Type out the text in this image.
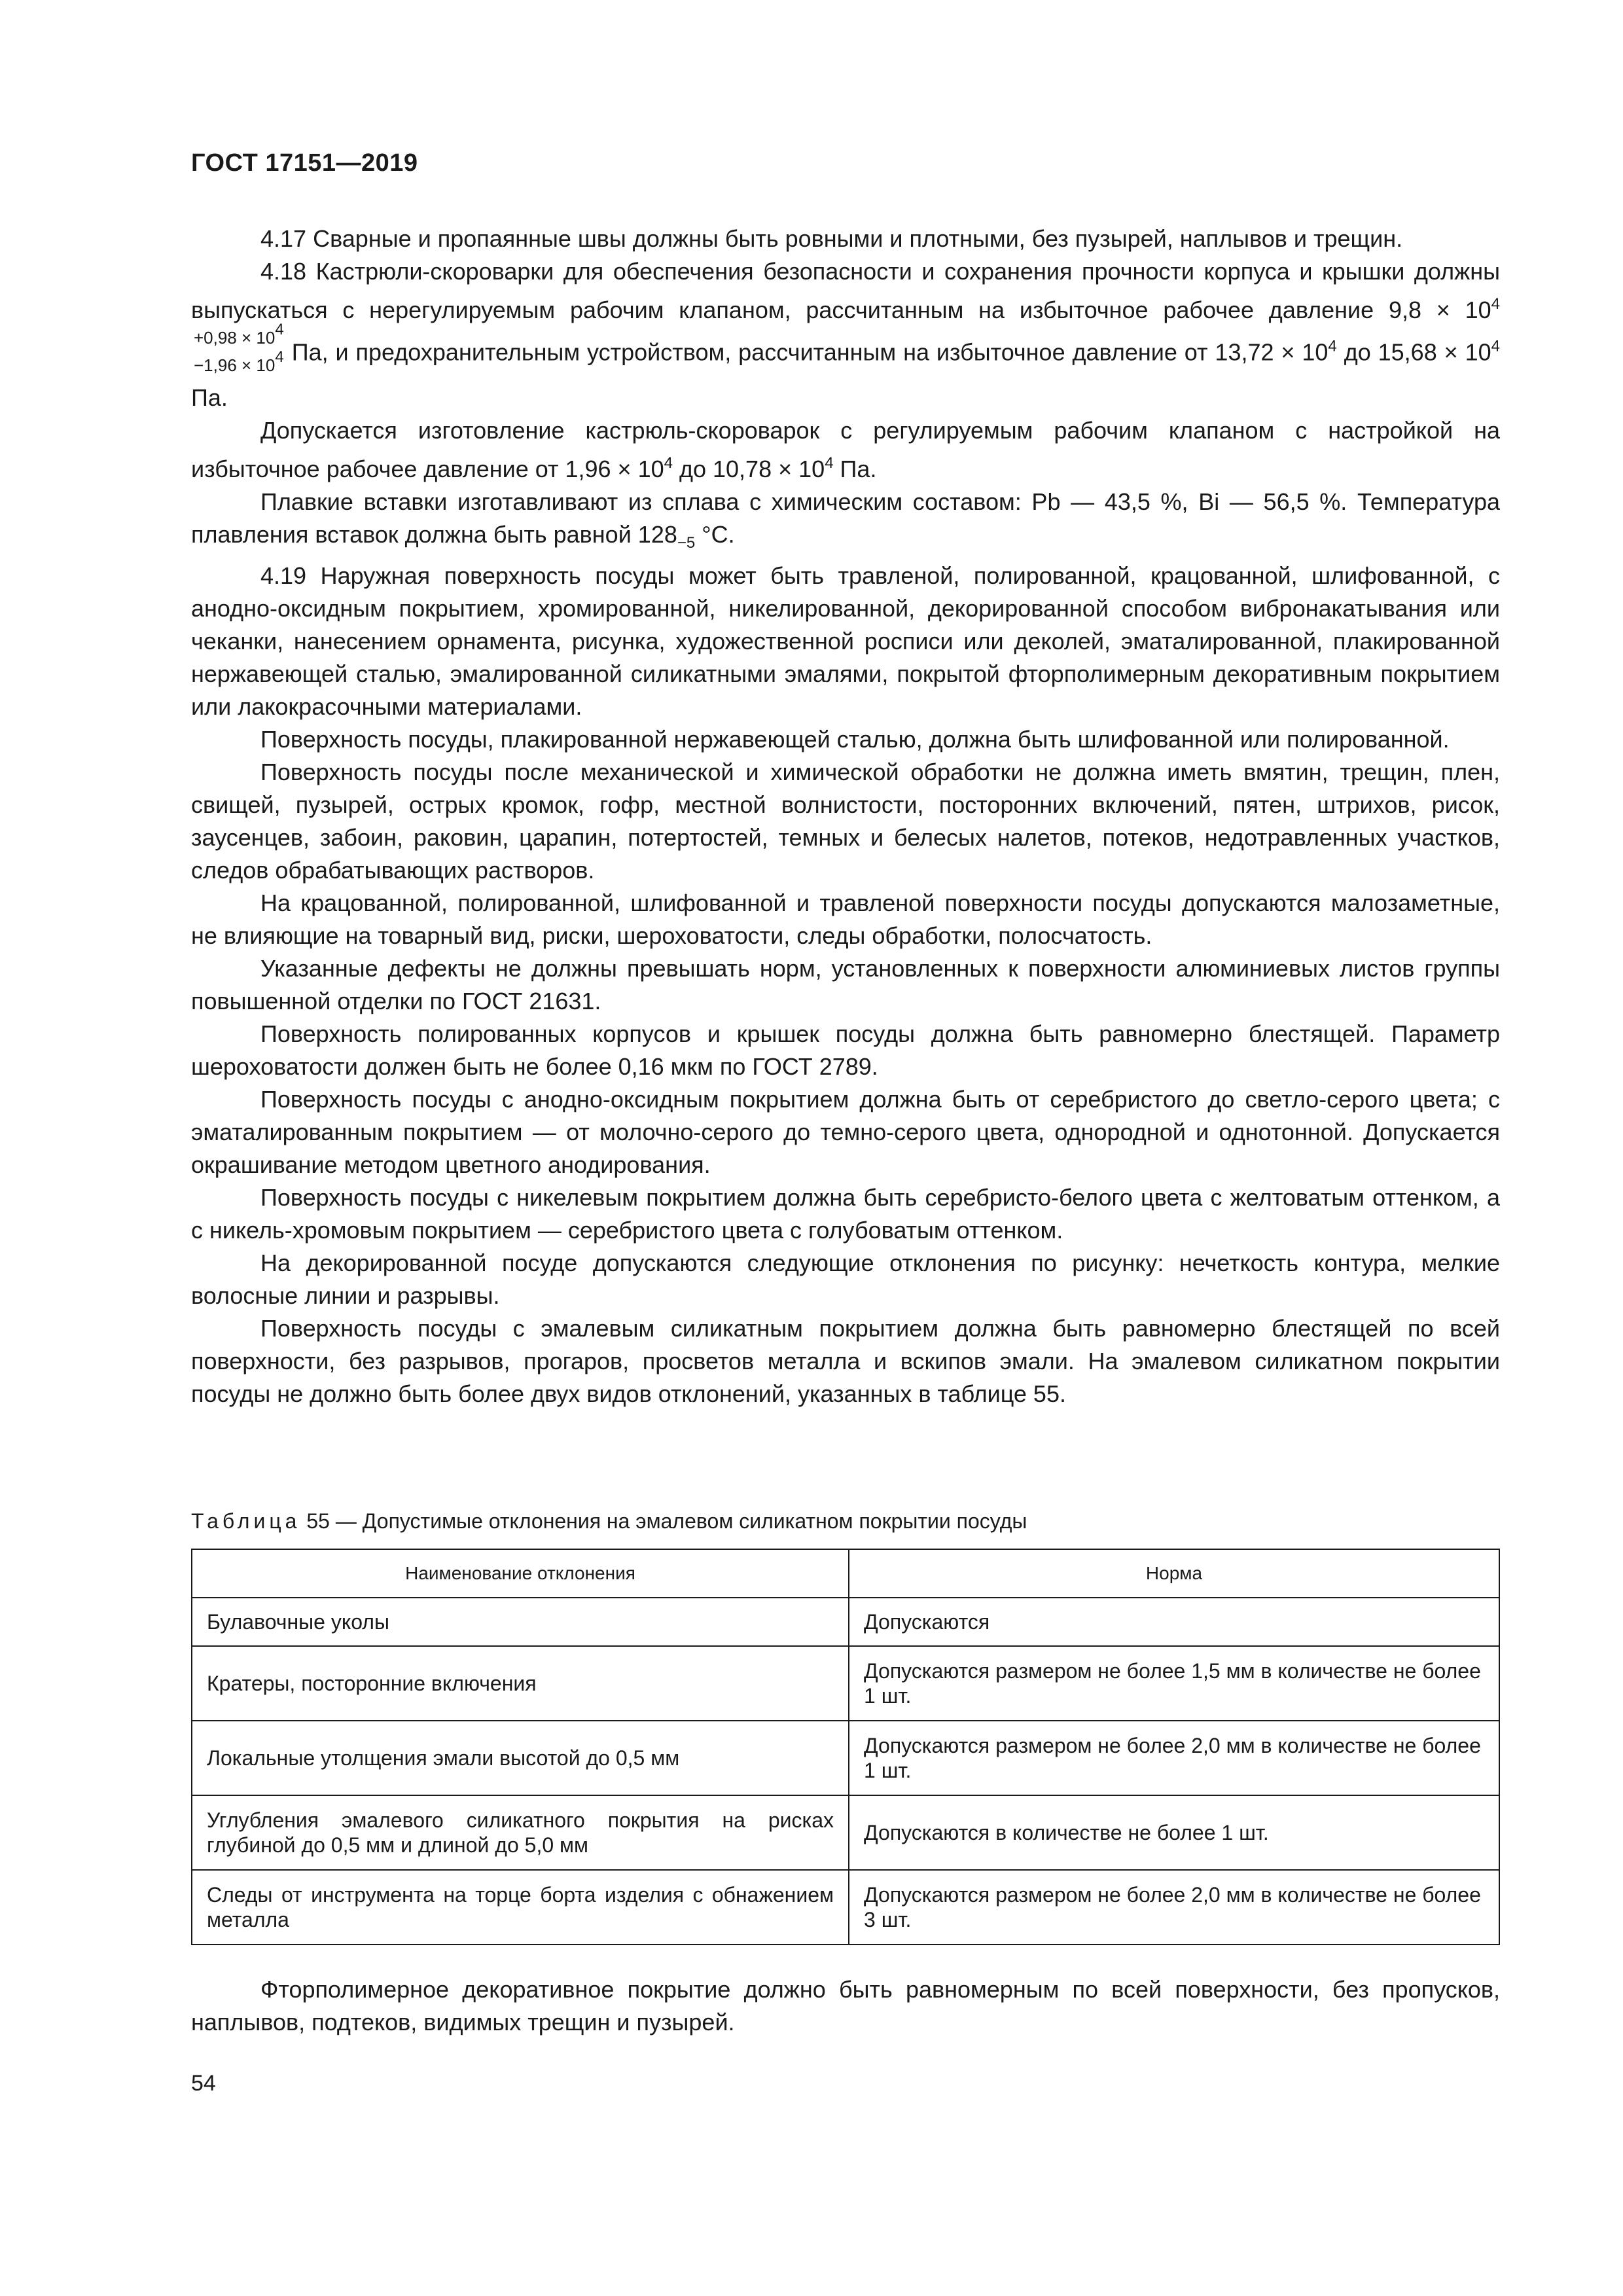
ГОСТ 17151—2019

4.17 Сварные и пропаянные швы должны быть ровными и плотными, без пузырей, наплывов и трещин.

4.18 Кастрюли-скороварки для обеспечения безопасности и сохранения прочности корпуса и крышки должны выпускаться с нерегулируемым рабочим клапаном, рассчитанным на избыточное рабочее давление $9,8 \times 10^4$
$+0,98 \times 10^4$
$-1,96 \times 10^4$ Па, и предохранительным устройством, рассчитанным на избыточное давление от $13,72 \times 10^4$ до $15,68 \times 10^4$ Па.

Допускается изготовление кастрюль-скороварок с регулируемым рабочим клапаном с настройкой на избыточное рабочее давление от $1,96 \times 10^4$ до $10,78 \times 10^4$ Па.

Плавкие вставки изготавливают из сплава с химическим составом: Pb — 43,5 %, Bi — 56,5 %. Температура плавления вставок должна быть равной $128_{-5}$ °С.

4.19 Наружная поверхность посуды может быть травленой, полированной, крацованной, шлифованной, с анодно-оксидным покрытием, хромированной, никелированной, декорированной способом вибронакатывания или чеканки, нанесением орнамента, рисунка, художественной росписи или деколей, эматалированной, плакированной нержавеющей сталью, эмалированной силикатными эмалями, покрытой фторполимерным декоративным покрытием или лакокрасочными материалами.

Поверхность посуды, плакированной нержавеющей сталью, должна быть шлифованной или полированной.

Поверхность посуды после механической и химической обработки не должна иметь вмятин, трещин, плен, свищей, пузырей, острых кромок, гофр, местной волнистости, посторонних включений, пятен, штрихов, рисок, заусенцев, забоин, раковин, царапин, потертостей, темных и белесых налетов, потеков, недотравленных участков, следов обрабатывающих растворов.

На крацованной, полированной, шлифованной и травленой поверхности посуды допускаются малозаметные, не влияющие на товарный вид, риски, шероховатости, следы обработки, полосчатость.

Указанные дефекты не должны превышать норм, установленных к поверхности алюминиевых листов группы повышенной отделки по ГОСТ 21631.

Поверхность полированных корпусов и крышек посуды должна быть равномерно блестящей. Параметр шероховатости должен быть не более 0,16 мкм по ГОСТ 2789.

Поверхность посуды с анодно-оксидным покрытием должна быть от серебристого до светло-серого цвета; с эматалированным покрытием — от молочно-серого до темно-серого цвета, однородной и однотонной. Допускается окрашивание методом цветного анодирования.

Поверхность посуды с никелевым покрытием должна быть серебристо-белого цвета с желтоватым оттенком, а с никель-хромовым покрытием — серебристого цвета с голубоватым оттенком.

На декорированной посуде допускаются следующие отклонения по рисунку: нечеткость контура, мелкие волосные линии и разрывы.

Поверхность посуды с эмалевым силикатным покрытием должна быть равномерно блестящей по всей поверхности, без разрывов, прогаров, просветов металла и вскипов эмали. На эмалевом силикатном покрытии посуды не должно быть более двух видов отклонений, указанных в таблице 55.

Таблица 55 — Допустимые отклонения на эмалевом силикатном покрытии посуды
Наименование отклонения	Норма
Булавочные уколы	Допускаются
Кратеры, посторонние включения	Допускаются размером не более 1,5 мм в количестве не более 1 шт.
Локальные утолщения эмали высотой до 0,5 мм	Допускаются размером не более 2,0 мм в количестве не более 1 шт.
Углубления эмалевого силикатного покрытия на рисках глубиной до 0,5 мм и длиной до 5,0 мм	Допускаются в количестве не более 1 шт.
Следы от инструмента на торце борта изделия с обнажением металла	Допускаются размером не более 2,0 мм в количестве не более 3 шт.

Фторполимерное декоративное покрытие должно быть равномерным по всей поверхности, без пропусков, наплывов, подтеков, видимых трещин и пузырей.

54
